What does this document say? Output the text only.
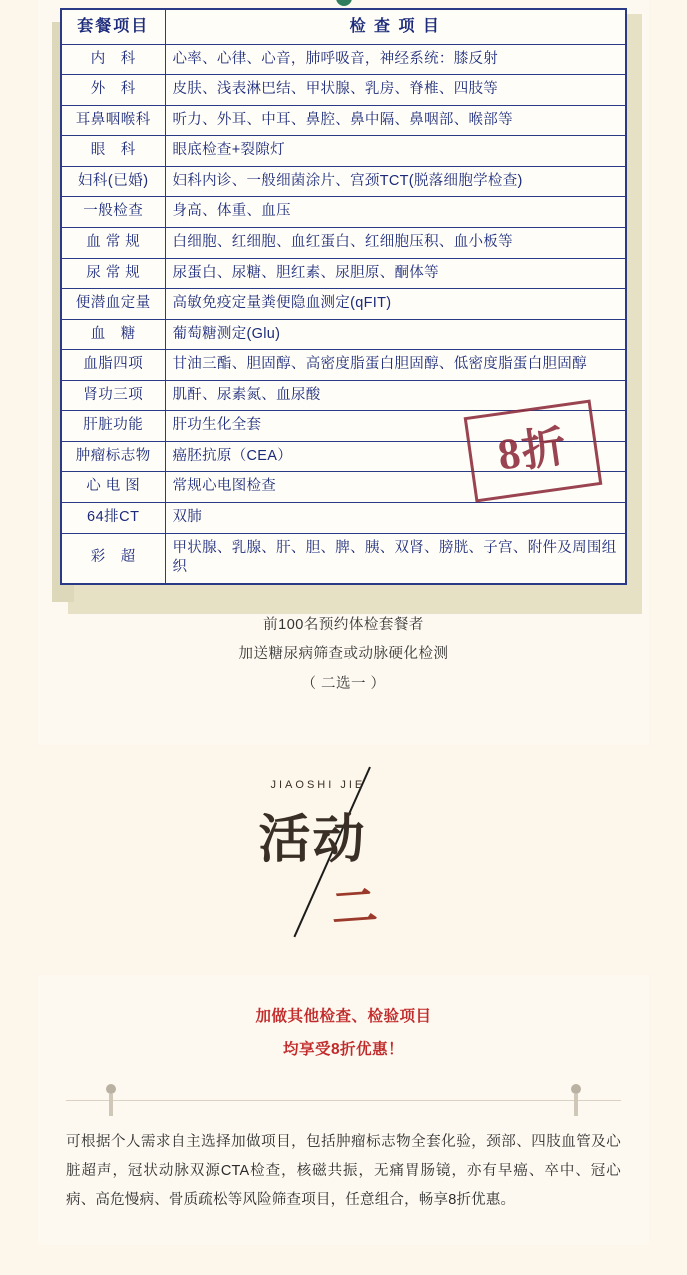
套餐项目	检 查 项 目
内　科	心率、心律、心音，肺呼吸音，神经系统：膝反射
外　科	皮肤、浅表淋巴结、甲状腺、乳房、脊椎、四肢等
耳鼻咽喉科	听力、外耳、中耳、鼻腔、鼻中隔、鼻咽部、喉部等
眼　科	眼底检查+裂隙灯
妇科(已婚)	妇科内诊、一般细菌涂片、宫颈TCT(脱落细胞学检查)
一般检查	身高、体重、血压
血 常 规	白细胞、红细胞、血红蛋白、红细胞压积、血小板等
尿 常 规	尿蛋白、尿糖、胆红素、尿胆原、酮体等
便潜血定量	高敏免疫定量粪便隐血测定(qFIT)
血　糖	葡萄糖测定(Glu)
血脂四项	甘油三酯、胆固醇、高密度脂蛋白胆固醇、低密度脂蛋白胆固醇
肾功三项	肌酐、尿素氮、血尿酸
肝脏功能	肝功生化全套
肿瘤标志物	癌胚抗原（CEA）
心 电 图	常规心电图检查
64排CT	双肺
彩　超	甲状腺、乳腺、肝、胆、脾、胰、双肾、膀胱、子宫、附件及周围组织
8折
前100名预约体检套餐者
加送糖尿病筛查或动脉硬化检测
（ 二选一 ）
JIAOSHI JIE
活动
二
加做其他检查、检验项目
均享受8折优惠！
可根据个人需求自主选择加做项目，包括肿瘤标志物全套化验，颈部、四肢血管及心脏超声，冠状动脉双源CTA检查，核磁共振，无痛胃肠镜，亦有早癌、卒中、冠心病、高危慢病、骨质疏松等风险筛查项目，任意组合，畅享8折优惠。
